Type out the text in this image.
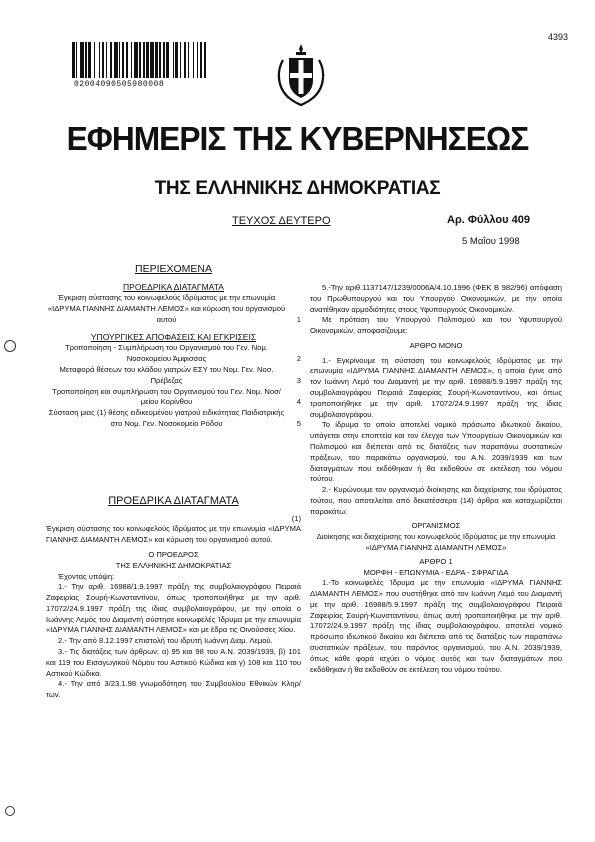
02004090505980008
4393
ΕΦΗΜΕΡΙΣ ΤΗΣ ΚΥΒΕΡΝΗΣΕΩΣ
ΤΗΣ ΕΛΛΗΝΙΚΗΣ ΔΗΜΟΚΡΑΤΙΑΣ
ΤΕΥΧΟΣ ΔΕΥΤΕΡΟ	Αρ. Φύλλου 409
5 Μαΐου 1998
ΠΕΡΙΕΧΟΜΕΝΑ
ΠΡΟΕΔΡΙΚΑ ΔΙΑΤΑΓΜΑΤΑ
Έγκριση σύστασης του κοινωφελούς Ιδρύματος με την επωνυμία «ΙΔΡΥΜΑ ΓΙΑΝΝΗΣ ΔΙΑΜΑΝΤΗ ΛΕΜΟΣ» και κύρωση του οργανισμού αυτού	1
ΥΠΟΥΡΓΙΚΕΣ ΑΠΟΦΑΣΕΙΣ ΚΑΙ ΕΓΚΡΙΣΕΙΣ
Τροποποίηση - Συμπλήρωση του Οργανισμού του Γεν. Νομ. Νοσοκομείου Άμφισσας	2
Μεταφορά θέσεων του κλάδου γιατρών ΕΣΥ του Νομ. Γεν. Νοσ. Πρέβεζας	3
Τροποποίηση και συμπλήρωση του Οργανισμού του Γεν. Νομ. Νοσ/μείου Κορίνθου	4
Σύσταση μιας (1) θέσης ειδικευμένου γιατρού ειδικότητας Παιδιατρικής στο Νομ. Γεν. Νοσοκομείο Ρόδου	5
ΠΡΟΕΔΡΙΚΑ ΔΙΑΤΑΓΜΑΤΑ
(1)
Έγκριση σύστασης του κοινωφελούς Ιδρύματος με την επωνυμία «ΙΔΡΥΜΑ ΓΙΑΝΝΗΣ ΔΙΑΜΑΝΤΗ ΛΕΜΟΣ» και κύρωση του οργανισμού αυτού.
Ο ΠΡΟΕΔΡΟΣ
ΤΗΣ ΕΛΛΗΝΙΚΗΣ ΔΗΜΟΚΡΑΤΙΑΣ
Έχοντας υπόψη:
1.- Την αριθ. 16988/1.9.1997 πράξη της συμβολαιογράφου Πειραιά Ζαφειρίας Σουρή-Κωνσταντίνου, όπως τροποποιήθηκε με την αριθ. 17072/24.9.1997 πράξη της ίδιας συμβολαιογράφου, με την οποία ο Ιωάννης Λεμός του Διαμαντή σύστησε κοινωφελές Ίδρυμα με την επωνυμία «ΙΔΡΥΜΑ ΓΙΑΝΝΗΣ ΔΙΑΜΑΝΤΗ ΛΕΜΟΣ» και με έδρα τις Οινούσσες Χίου.
2.- Την από 8.12.1997 επιστολή του ιδρυτή Ιωάννη Διαμ. Λεμού.
3.- Τις διατάξεις των άρθρων: α) 95 και 98 του Α.Ν. 2039/1939, β) 101 και 119 του Εισαγωγικού Νόμου του Αστικού Κώδικα και γ) 108 και 110 του Αστικού Κώδικα.
4.- Την από 3/23.1.98 γνωμοδότηση του Συμβουλίου Εθνικών Κληρ/των.
5.-Την αριθ.1137147/1239/0006Α/4.10.1996 (ΦΕΚ Β 982/96) απόφαση του Πρωθυπουργού και του Υπουργού Οικονομικών, με την οποία ανατέθηκαν αρμοδιότητες στους Υφυπουργούς Οικονομικών.
Με πρόταση του Υπουργού Πολιτισμού και του Υφυπουργού Οικονομικών, αποφασίζουμε:
ΑΡΘΡΟ ΜΟΝΟ
1.- Εγκρίνουμε τη σύσταση του κοινωφελούς Ιδρύματος με την επωνυμία «ΙΔΡΥΜΑ ΓΙΑΝΝΗΣ ΔΙΑΜΑΝΤΗ ΛΕΜΟΣ», η οποία έγινε από τον Ιωάννη Λεμό του Διαμαντή με την αριθ. 16988/5.9.1997 πράξη της συμβολαιογράφου Πειραιά Ζαφειρίας Σουρή-Κωνσταντίνου, και όπως τροποποιήθηκε με την αριθ. 17072/24.9.1997 πράξη της ίδιας συμβολαιογράφου.
Το ίδρυμα το οποίο αποτελεί νομικό πρόσωπο ιδιωτικού δικαίου, υπάγεται στην εποπτεία και τον έλεγχο των Υπουργείων Οικονομικών και Πολιτισμού και διέπεται από τις διατάξεις των παραπάνω συστατικών πράξεων, του παρακάτω οργανισμού, του Α.Ν. 2039/1939 και των διαταγμάτων που εκδόθηκαν ή θα εκδοθούν σε εκτέλεση του νόμου τούτου.
2.- Κυρώνουμε τον οργανισμό διοίκησης και διαχείρισης του ιδρύματος τούτου, που αποτελείται από δεκατέσσερα (14) άρθρα και καταχωρίζεται παρακάτω:
ΟΡΓΑΝΙΣΜΟΣ
Διοίκησης και διαχείρισης του κοινωφελούς Ιδρύματος με την επωνυμία «ΙΔΡΥΜΑ ΓΙΑΝΝΗΣ ΔΙΑΜΑΝΤΗ ΛΕΜΟΣ»
ΑΡΘΡΟ 1
ΜΟΡΦΗ - ΕΠΩΝΥΜΙΑ - ΕΔΡΑ - ΣΦΡΑΓΙΔΑ
1.-Το κοινωφελές Ίδρυμα με την επωνυμία «ΙΔΡΥΜΑ ΓΙΑΝΝΗΣ ΔΙΑΜΑΝΤΗ ΛΕΜΟΣ» που συστήθηκε από τον Ιωάννη Λεμό του Διαμαντή με την αριθ. 16988/5.9.1997 πράξη της συμβολαιογράφου Πειραιά Ζαφειρίας Σουρή-Κωνσταντίνου, όπως αυτή τροποποιήθηκε με την αριθ. 17072/24.9.1997 πράξη της ίδιας συμβολαιογράφου, αποτελεί νομικό πρόσωπο ιδιωτικού δικαίου και διέπεται από τις διατάξεις των παραπάνω συστατικών πράξεων, του παρόντος οργανισμού, του Α.Ν. 2039/1939, όπως κάθε φορά ισχύει ο νόμος αυτός και των διαταγμάτων που εκδόθηκαν ή θα εκδοθούν σε εκτέλεση του νόμου τούτου.
